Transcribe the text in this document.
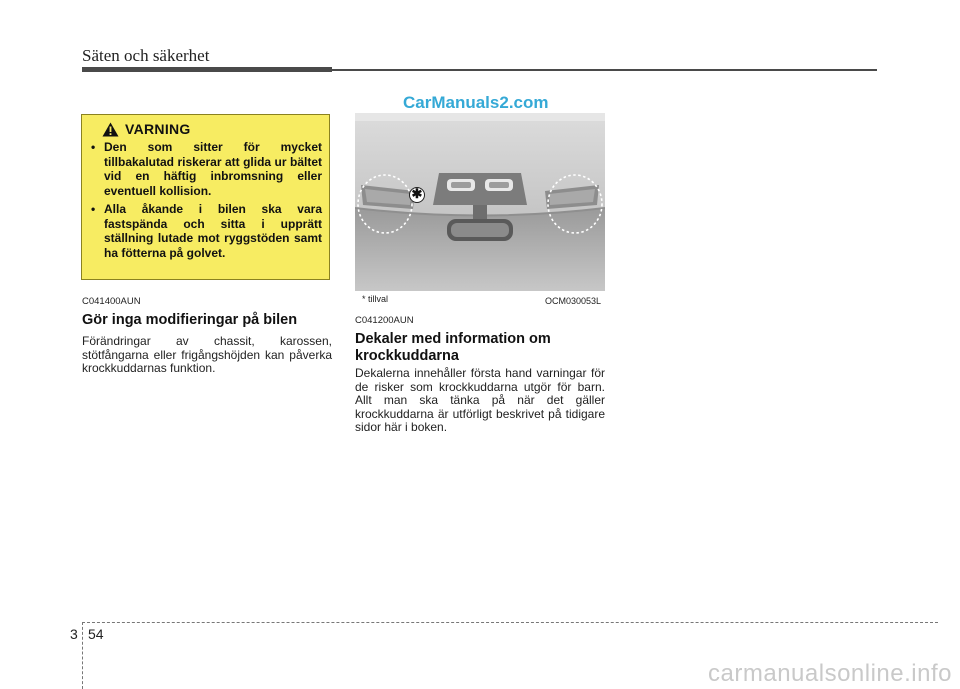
Säten och säkerhet
CarManuals2.com
VARNING
• Den som sitter för mycket tillbakalutad riskerar att glida ur bältet vid en häftig inbromsning eller eventuell kollision.
• Alla åkande i bilen ska vara fastspända och sitta i upprätt ställning lutade mot ryggstöden samt ha fötterna på golvet.
C041400AUN
Gör inga modifieringar på bilen
Förändringar av chassit, karossen, stötfångarna eller frigångshöjden kan påverka krockkuddarnas funktion.
✱
* tillval	OCM030053L
C041200AUN
Dekaler med information om krockkuddarna
Dekalerna innehåller första hand varningar för de risker som krockkuddarna utgör för barn. Allt man ska tänka på när det gäller krockkuddarna är utförligt beskrivet på tidigare sidor här i boken.
3 54
carmanualsonline.info
